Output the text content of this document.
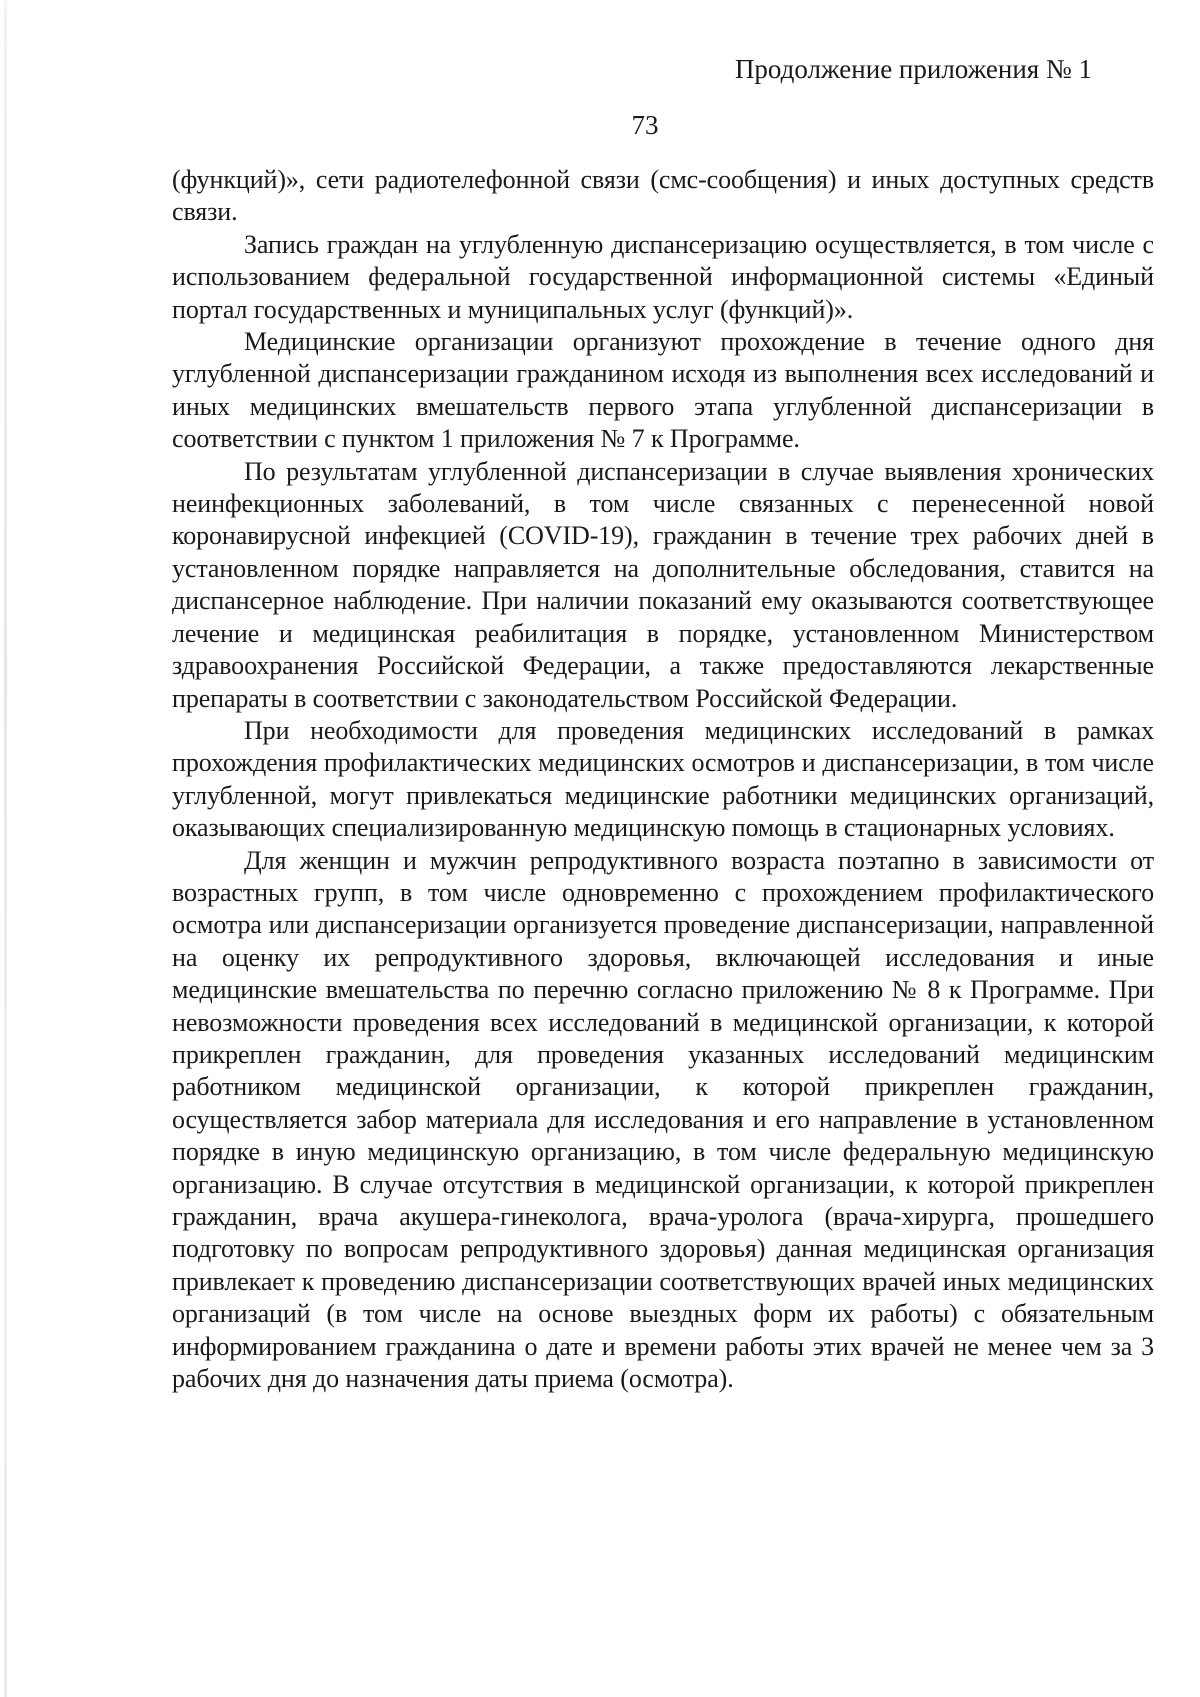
Продолжение приложения № 1
73

(функций)», сети радиотелефонной связи (смс-сообщения) и иных доступных средств связи.

Запись граждан на углубленную диспансеризацию осуществляется, в том числе с использованием федеральной государственной информационной системы «Единый портал государственных и муниципальных услуг (функций)».

Медицинские организации организуют прохождение в течение одного дня углубленной диспансеризации гражданином исходя из выполнения всех исследований и иных медицинских вмешательств первого этапа углубленной диспансеризации в соответствии с пунктом 1 приложения № 7 к Программе.

По результатам углубленной диспансеризации в случае выявления хронических неинфекционных заболеваний, в том числе связанных с перенесенной новой коронавирусной инфекцией (COVID-19), гражданин в течение трех рабочих дней в установленном порядке направляется на дополнительные обследования, ставится на диспансерное наблюдение. При наличии показаний ему оказываются соответствующее лечение и медицинская реабилитация в порядке, установленном Министерством здравоохранения Российской Федерации, а также предоставляются лекарственные препараты в соответствии с законодательством Российской Федерации.

При необходимости для проведения медицинских исследований в рамках прохождения профилактических медицинских осмотров и диспансеризации, в том числе углубленной, могут привлекаться медицинские работники медицинских организаций, оказывающих специализированную медицинскую помощь в стационарных условиях.

Для женщин и мужчин репродуктивного возраста поэтапно в зависимости от возрастных групп, в том числе одновременно с прохождением профилактического осмотра или диспансеризации организуется проведение диспансеризации, направленной на оценку их репродуктивного здоровья, включающей исследования и иные медицинские вмешательства по перечню согласно приложению № 8 к Программе. При невозможности проведения всех исследований в медицинской организации, к которой прикреплен гражданин, для проведения указанных исследований медицинским работником медицинской организации, к которой прикреплен гражданин, осуществляется забор материала для исследования и его направление в установленном порядке в иную медицинскую организацию, в том числе федеральную медицинскую организацию. В случае отсутствия в медицинской организации, к которой прикреплен гражданин, врача акушера-гинеколога, врача-уролога (врача-хирурга, прошедшего подготовку по вопросам репродуктивного здоровья) данная медицинская организация привлекает к проведению диспансеризации соответствующих врачей иных медицинских организаций (в том числе на основе выездных форм их работы) с обязательным информированием гражданина о дате и времени работы этих врачей не менее чем за 3 рабочих дня до назначения даты приема (осмотра).
